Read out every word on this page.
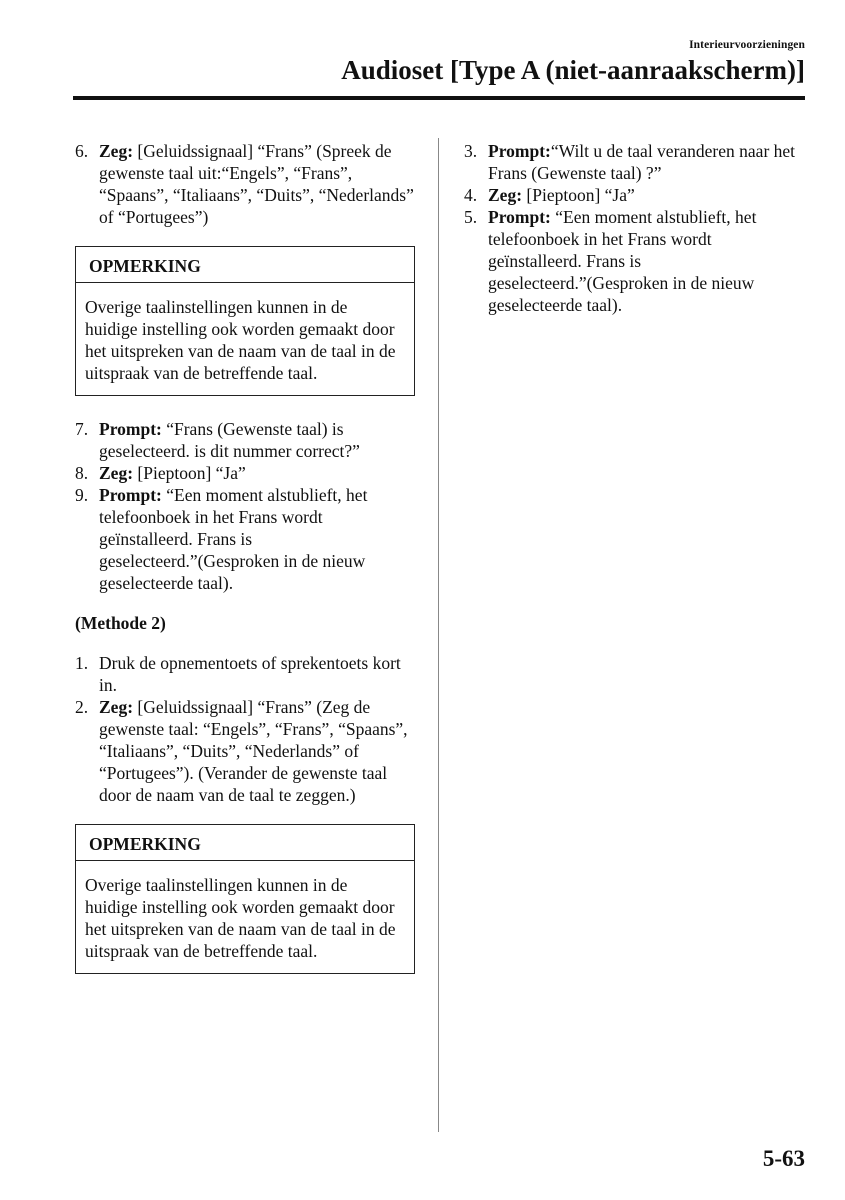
Interieurvoorzieningen
Audioset [Type A (niet-aanraakscherm)]
6. Zeg: [Geluidssignaal] “Frans” (Spreek de gewenste taal uit:“Engels”, “Frans”, “Spaans”, “Italiaans”, “Duits”, “Nederlands” of “Portugees”)
OPMERKING
Overige taalinstellingen kunnen in de huidige instelling ook worden gemaakt door het uitspreken van de naam van de taal in de uitspraak van de betreffende taal.
7. Prompt: “Frans (Gewenste taal) is geselecteerd. is dit nummer correct?”
8. Zeg: [Pieptoon] “Ja”
9. Prompt: “Een moment alstublieft, het telefoonboek in het Frans wordt geïnstalleerd. Frans is geselecteerd.”(Gesproken in de nieuw geselecteerde taal).
(Methode 2)
1. Druk de opnementoets of sprekentoets kort in.
2. Zeg: [Geluidssignaal] “Frans” (Zeg de gewenste taal: “Engels”, “Frans”, “Spaans”, “Italiaans”, “Duits”, “Nederlands” of “Portugees”). (Verander de gewenste taal door de naam van de taal te zeggen.)
OPMERKING
Overige taalinstellingen kunnen in de huidige instelling ook worden gemaakt door het uitspreken van de naam van de taal in de uitspraak van de betreffende taal.
3. Prompt:“Wilt u de taal veranderen naar het Frans (Gewenste taal) ?”
4. Zeg: [Pieptoon] “Ja”
5. Prompt: “Een moment alstublieft, het telefoonboek in het Frans wordt geïnstalleerd. Frans is geselecteerd.”(Gesproken in de nieuw geselecteerde taal).
5-63
